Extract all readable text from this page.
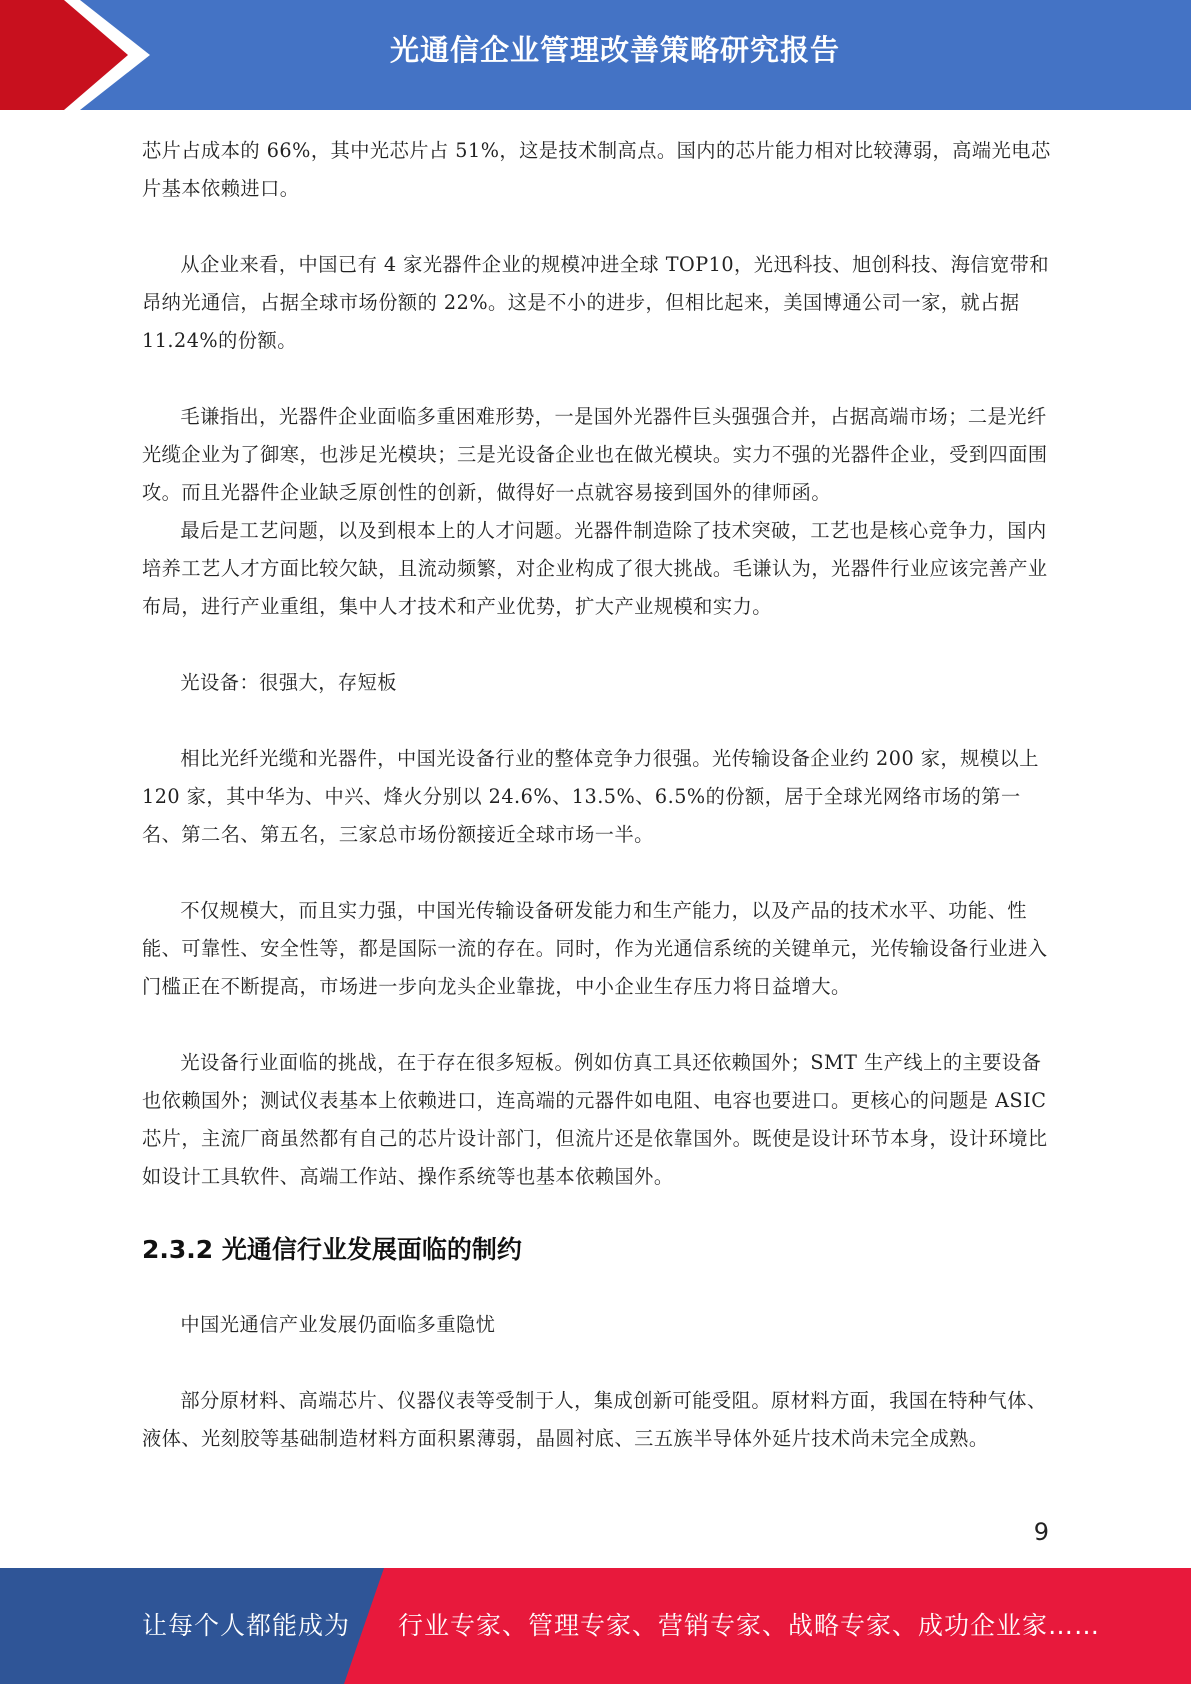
光通信企业管理改善策略研究报告

芯片占成本的 66%，其中光芯片占 51%，这是技术制高点。国内的芯片能力相对比较薄弱，高端光电芯片基本依赖进口。

从企业来看，中国已有 4 家光器件企业的规模冲进全球 TOP10，光迅科技、旭创科技、海信宽带和昂纳光通信，占据全球市场份额的 22%。这是不小的进步，但相比起来，美国博通公司一家，就占据 11.24%的份额。

毛谦指出，光器件企业面临多重困难形势，一是国外光器件巨头强强合并，占据高端市场；二是光纤光缆企业为了御寒，也涉足光模块；三是光设备企业也在做光模块。实力不强的光器件企业，受到四面围攻。而且光器件企业缺乏原创性的创新，做得好一点就容易接到国外的律师函。

最后是工艺问题，以及到根本上的人才问题。光器件制造除了技术突破，工艺也是核心竞争力，国内培养工艺人才方面比较欠缺，且流动频繁，对企业构成了很大挑战。毛谦认为，光器件行业应该完善产业布局，进行产业重组，集中人才技术和产业优势，扩大产业规模和实力。

光设备：很强大，存短板

相比光纤光缆和光器件，中国光设备行业的整体竞争力很强。光传输设备企业约 200 家，规模以上 120 家，其中华为、中兴、烽火分别以 24.6%、13.5%、6.5%的份额，居于全球光网络市场的第一名、第二名、第五名，三家总市场份额接近全球市场一半。

不仅规模大，而且实力强，中国光传输设备研发能力和生产能力，以及产品的技术水平、功能、性能、可靠性、安全性等，都是国际一流的存在。同时，作为光通信系统的关键单元，光传输设备行业进入门槛正在不断提高，市场进一步向龙头企业靠拢，中小企业生存压力将日益增大。

光设备行业面临的挑战，在于存在很多短板。例如仿真工具还依赖国外；SMT 生产线上的主要设备也依赖国外；测试仪表基本上依赖进口，连高端的元器件如电阻、电容也要进口。更核心的问题是 ASIC 芯片，主流厂商虽然都有自己的芯片设计部门，但流片还是依靠国外。既使是设计环节本身，设计环境比如设计工具软件、高端工作站、操作系统等也基本依赖国外。

2.3.2 光通信行业发展面临的制约

中国光通信产业发展仍面临多重隐忧

部分原材料、高端芯片、仪器仪表等受制于人，集成创新可能受阻。原材料方面，我国在特种气体、液体、光刻胶等基础制造材料方面积累薄弱，晶圆衬底、三五族半导体外延片技术尚未完全成熟。

9
让每个人都能成为 行业专家、管理专家、营销专家、战略专家、成功企业家……
